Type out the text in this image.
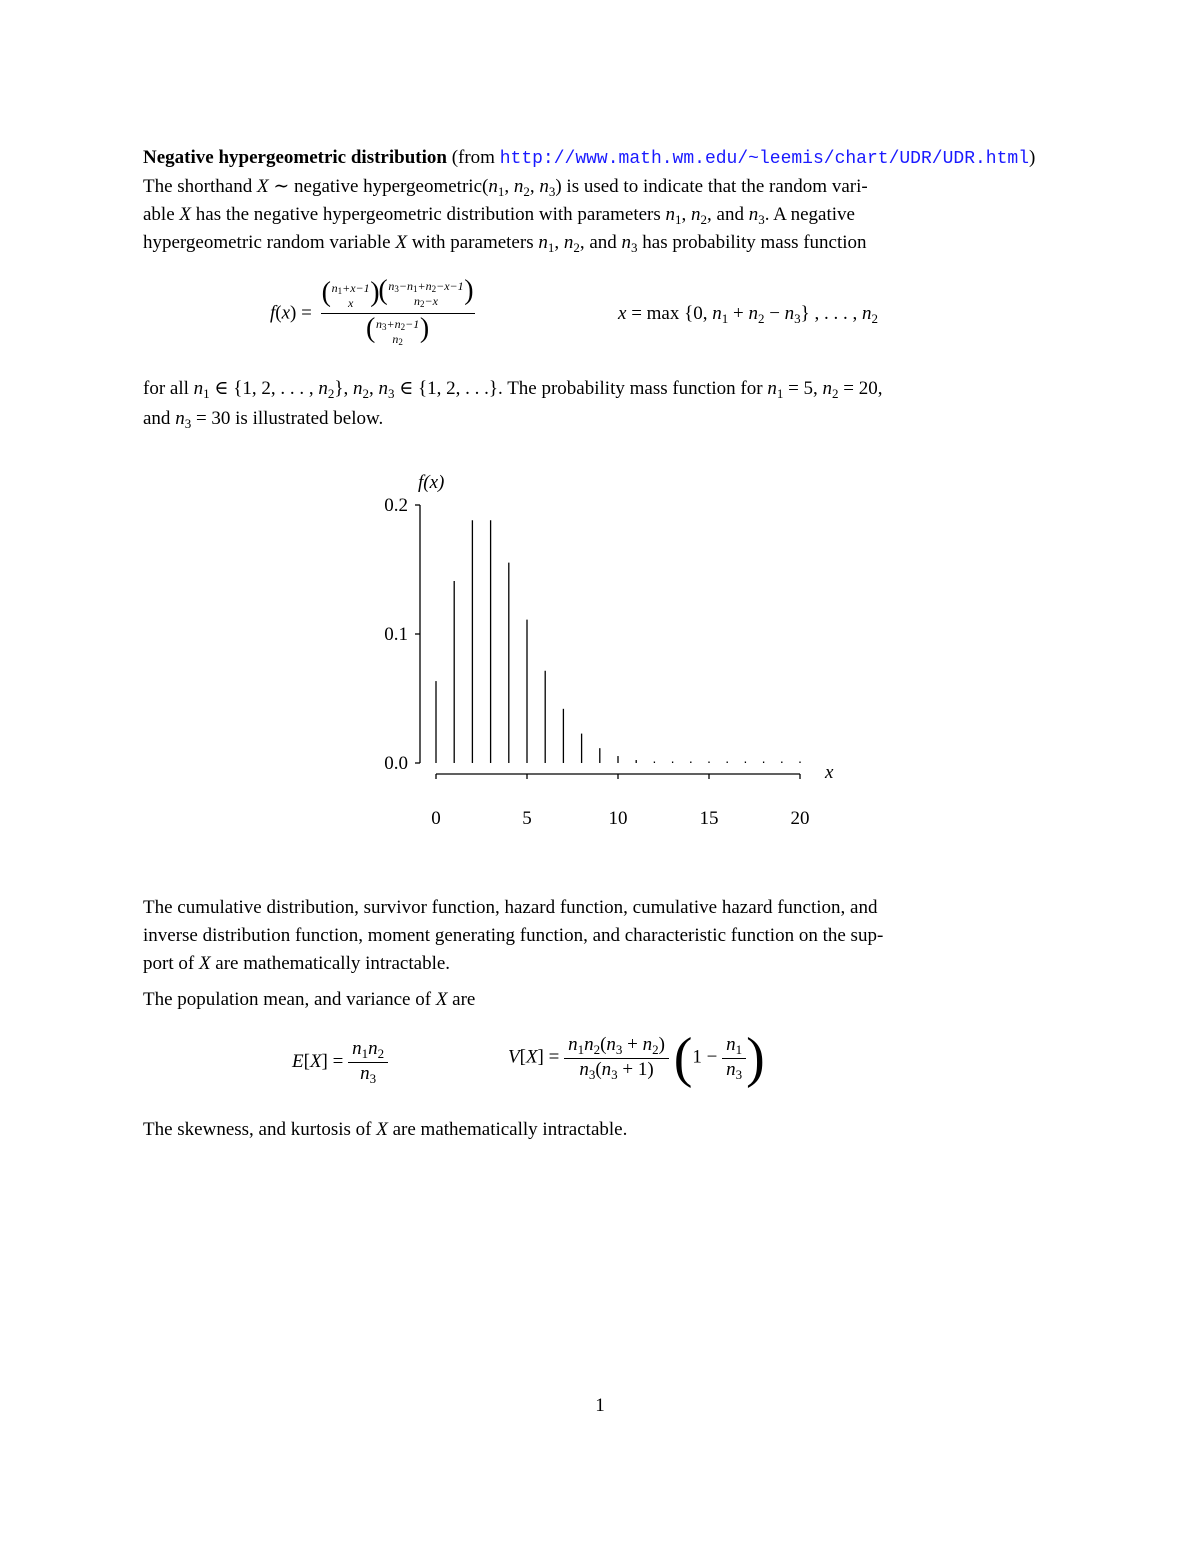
Negative hypergeometric distribution (from http://www.math.wm.edu/~leemis/chart/UDR/UDR.html)
The shorthand X ∼ negative $hypergeometric(n_1$, $n_2$, $n_3$) is used to indicate that the random vari-
able X has the negative hypergeometric distribution with parameters $n_1$, $n_2$, and $n_3$. A negative
hypergeometric random variable X with parameters $n_1$, $n_2$, and $n_3$ has probability mass function
f(x) =
( $n_1+x-1$
x
)
( $n_3-n_1+n_2-x-1$
$n_2-x$
)
( $n_3+n_2-1$
$n_2$
)	x = max {0, $n_1 + n_2 - n_3$} , . . . , $n_2$
for all $n_1$ ∈ {1, 2, . . . , $n_2$}, $n_2$, $n_3$ ∈ {1, 2, . . .}. The probability mass function for $n_1 = 5$, $n_2 = 20$,
and $n_3 = 30$ is illustrated below.
f(x)
x
0.0
0.1
0.2
0	5	10	15	20
The cumulative distribution, survivor function, hazard function, cumulative hazard function, and
inverse distribution function, moment generating function, and characteristic function on the sup-
port of X are mathematically intractable.
The population mean, and variance of X are
$E[X] = \frac{n_1n_2}{n_3}$	$V[X] = \frac{n_1n_2(n_3 + n_2)}{n_3(n_3 + 1)} (1 - \frac{n_1}{n_3}$ )
The skewness, and kurtosis of X are mathematically intractable.
1
